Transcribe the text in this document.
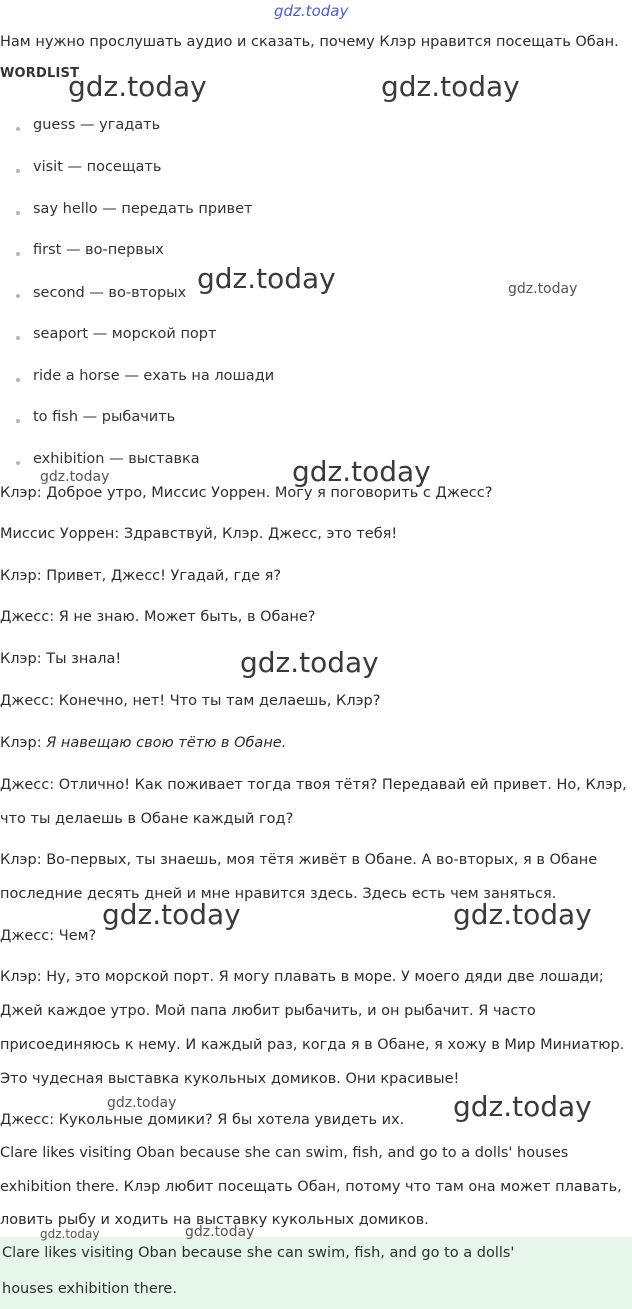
gdz.today
Нам нужно прослушать аудио и сказать, почему Клэр нравится посещать Обан.
WORDLIST
guess — угадать
visit — посещать
say hello — передать привет
first — во-первых
second — во-вторых
seaport — морской порт
ride a horse — ехать на лошади
to fish — рыбачить
exhibition — выставка
Клэр: Доброе утро, Миссис Уоррен. Могу я поговорить с Джесс?
Миссис Уоррен: Здравствуй, Клэр. Джесс, это тебя!
Клэр: Привет, Джесс! Угадай, где я?
Джесс: Я не знаю. Может быть, в Обане?
Клэр: Ты знала!
Джесс: Конечно, нет! Что ты там делаешь, Клэр?
Клэр: Я навещаю свою тётю в Обане.
Джесс: Отлично! Как поживает тогда твоя тётя? Передавай ей привет. Но, Клэр,
что ты делаешь в Обане каждый год?
Клэр: Во-первых, ты знаешь, моя тётя живёт в Обане. А во-вторых, я в Обане
последние десять дней и мне нравится здесь. Здесь есть чем заняться.
Джесс: Чем?
Клэр: Ну, это морской порт. Я могу плавать в море. У моего дяди две лошади;
Джей каждое утро. Мой папа любит рыбачить, и он рыбачит. Я часто
присоединяюсь к нему. И каждый раз, когда я в Обане, я хожу в Мир Миниатюр.
Это чудесная выставка кукольных домиков. Они красивые!
Джесс: Кукольные домики? Я бы хотела увидеть их.
Clare likes visiting Oban because she can swim, fish, and go to a dolls' houses
exhibition there. Клэр любит посещать Обан, потому что там она может плавать,
ловить рыбу и ходить на выставку кукольных домиков.
Clare likes visiting Oban because she can swim, fish, and go to a dolls'
houses exhibition there.
gdz.today	gdz.today
gdz.today	gdz.today
gdz.today
gdz.today
gdz.today
gdz.today	gdz.today
gdz.today	gdz.today
gdz.today	gdz.today
